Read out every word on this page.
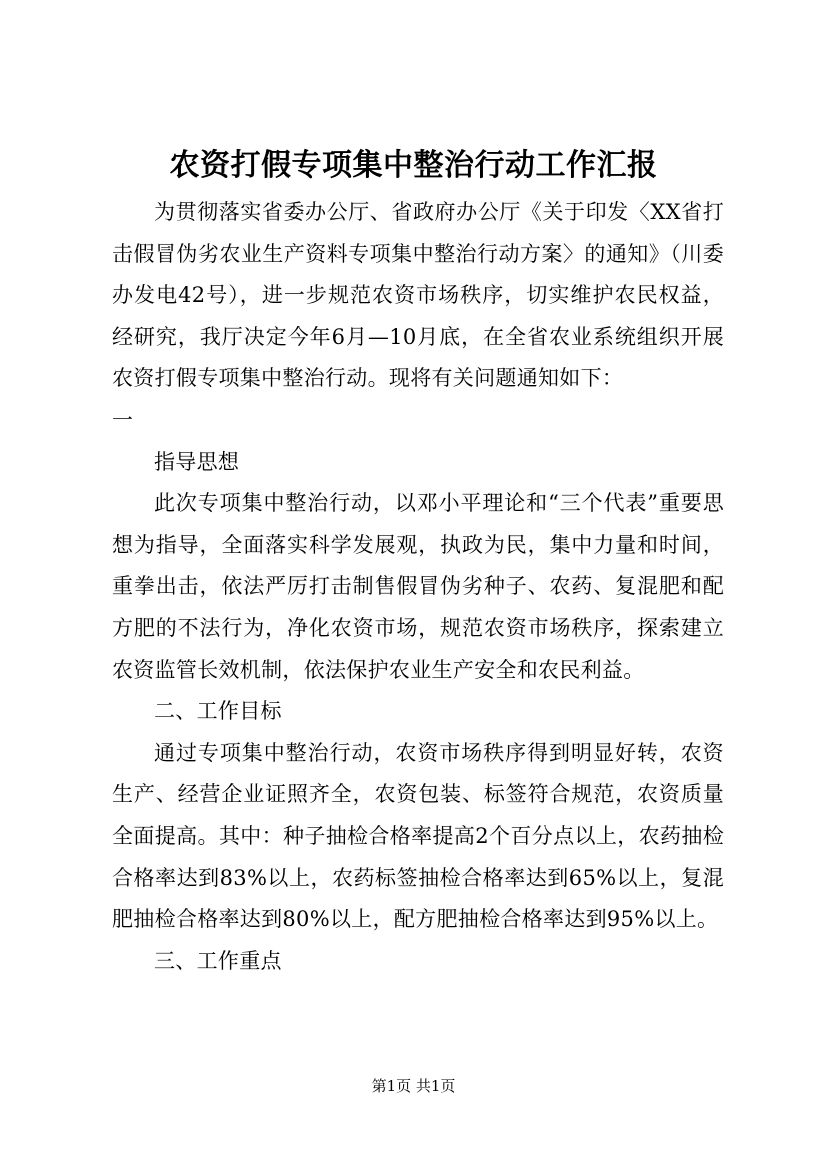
农资打假专项集中整治行动工作汇报

为贯彻落实省委办公厅、省政府办公厅《关于印发〈XX省打击假冒伪劣农业生产资料专项集中整治行动方案〉的通知》（川委办发电42号），进一步规范农资市场秩序，切实维护农民权益，经研究，我厅决定今年6月—10月底，在全省农业系统组织开展农资打假专项集中整治行动。现将有关问题通知如下：

一

指导思想

此次专项集中整治行动，以邓小平理论和“三个代表”重要思想为指导，全面落实科学发展观，执政为民，集中力量和时间，重拳出击，依法严厉打击制售假冒伪劣种子、农药、复混肥和配方肥的不法行为，净化农资市场，规范农资市场秩序，探索建立农资监管长效机制，依法保护农业生产安全和农民利益。

二、工作目标

通过专项集中整治行动，农资市场秩序得到明显好转，农资生产、经营企业证照齐全，农资包装、标签符合规范，农资质量全面提高。其中：种子抽检合格率提高2个百分点以上，农药抽检合格率达到83%以上，农药标签抽检合格率达到65%以上，复混肥抽检合格率达到80%以上，配方肥抽检合格率达到95%以上。

三、工作重点

第1页 共1页
